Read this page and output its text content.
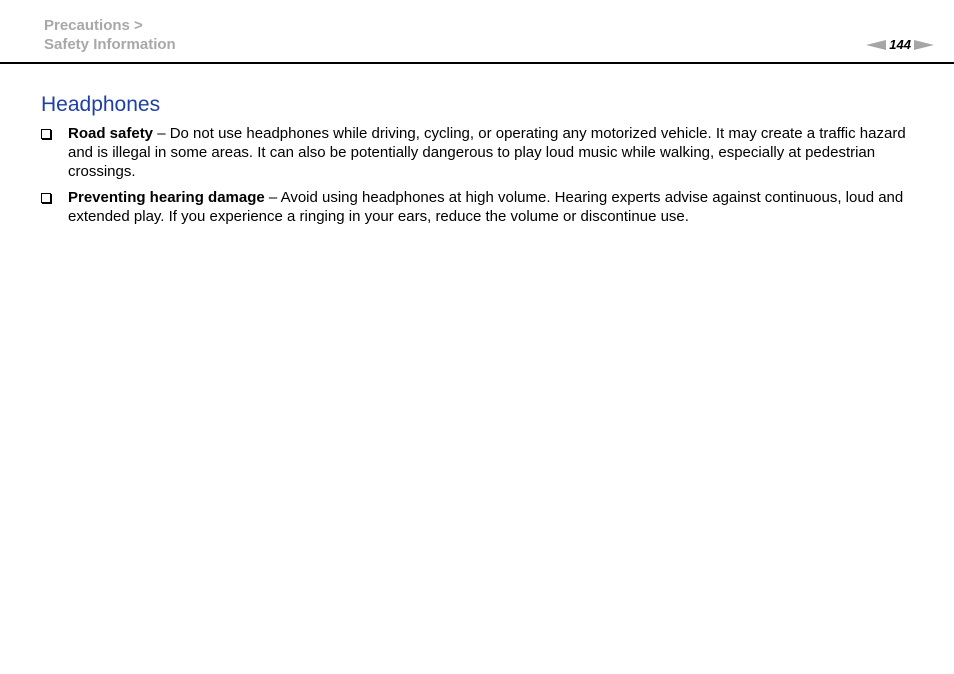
Precautions >
Safety Information	144
Headphones
Road safety – Do not use headphones while driving, cycling, or operating any motorized vehicle. It may create a traffic hazard and is illegal in some areas. It can also be potentially dangerous to play loud music while walking, especially at pedestrian crossings.
Preventing hearing damage – Avoid using headphones at high volume. Hearing experts advise against continuous, loud and extended play. If you experience a ringing in your ears, reduce the volume or discontinue use.
